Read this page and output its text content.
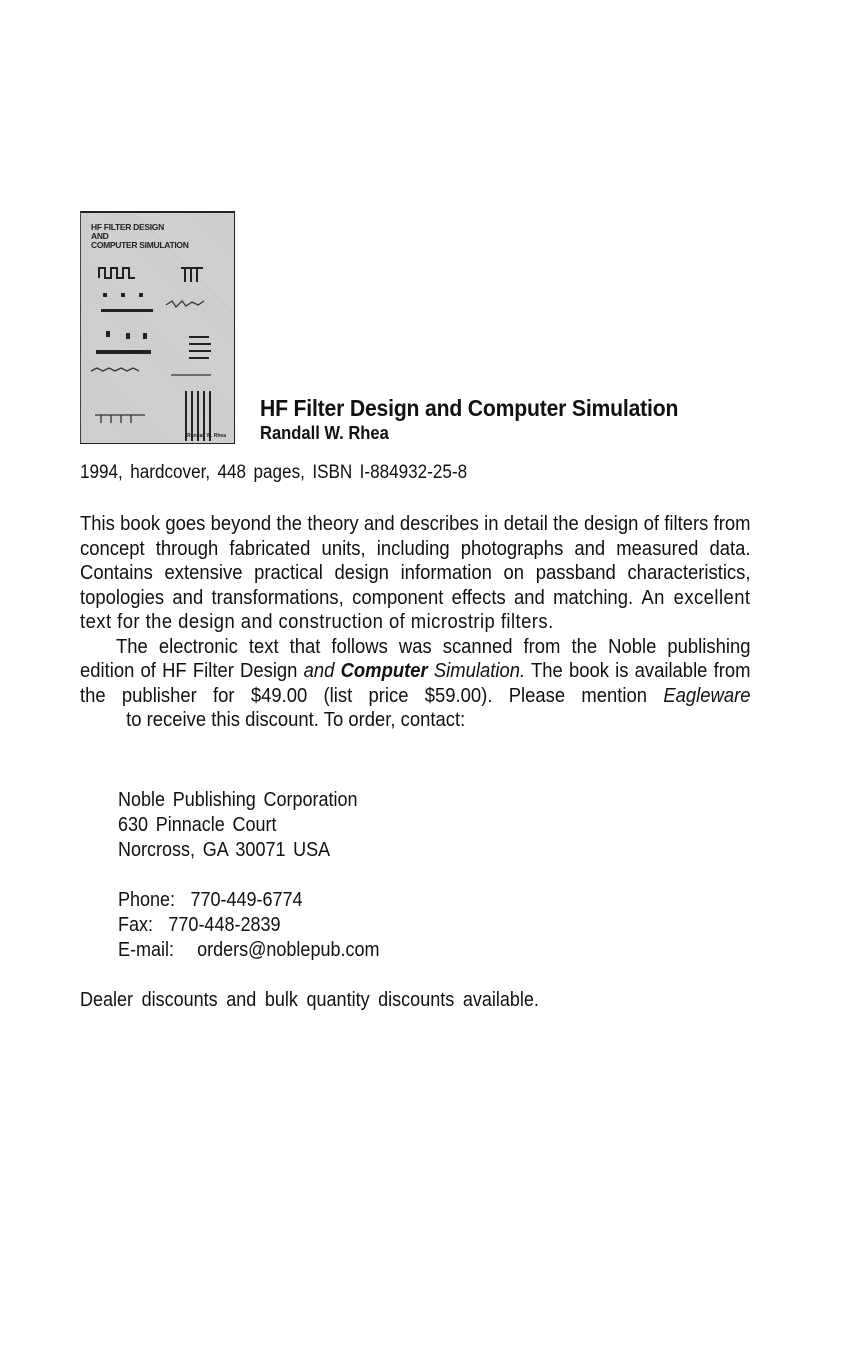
HF FILTER DESIGN
AND
COMPUTER SIMULATION
Randall W. Rhea
HF Filter Design and Computer Simulation
Randall W. Rhea
1994, hardcover, 448 pages, ISBN I-884932-25-8

This book goes beyond the theory and describes in detail the design of filters from concept through fabricated units, including photographs and measured data. Contains extensive practical design information on passband characteristics, topologies and transformations, component effects and matching. An excellent text for the design and construction of microstrip filters.

The electronic text that follows was scanned from the Noble publishing edition of HF Filter Design and Computer Simulation. The book is available from the publisher for $49.00 (list price $59.00). Please mention Eagleware         to receive this discount. To order, contact:

Noble Publishing Corporation
630 Pinnacle Court
Norcross, GA 30071 USA
Phone:  770-449-6774
Fax:  770-448-2839
E-mail:   orders@noblepub.com
Dealer discounts and bulk quantity discounts available.
